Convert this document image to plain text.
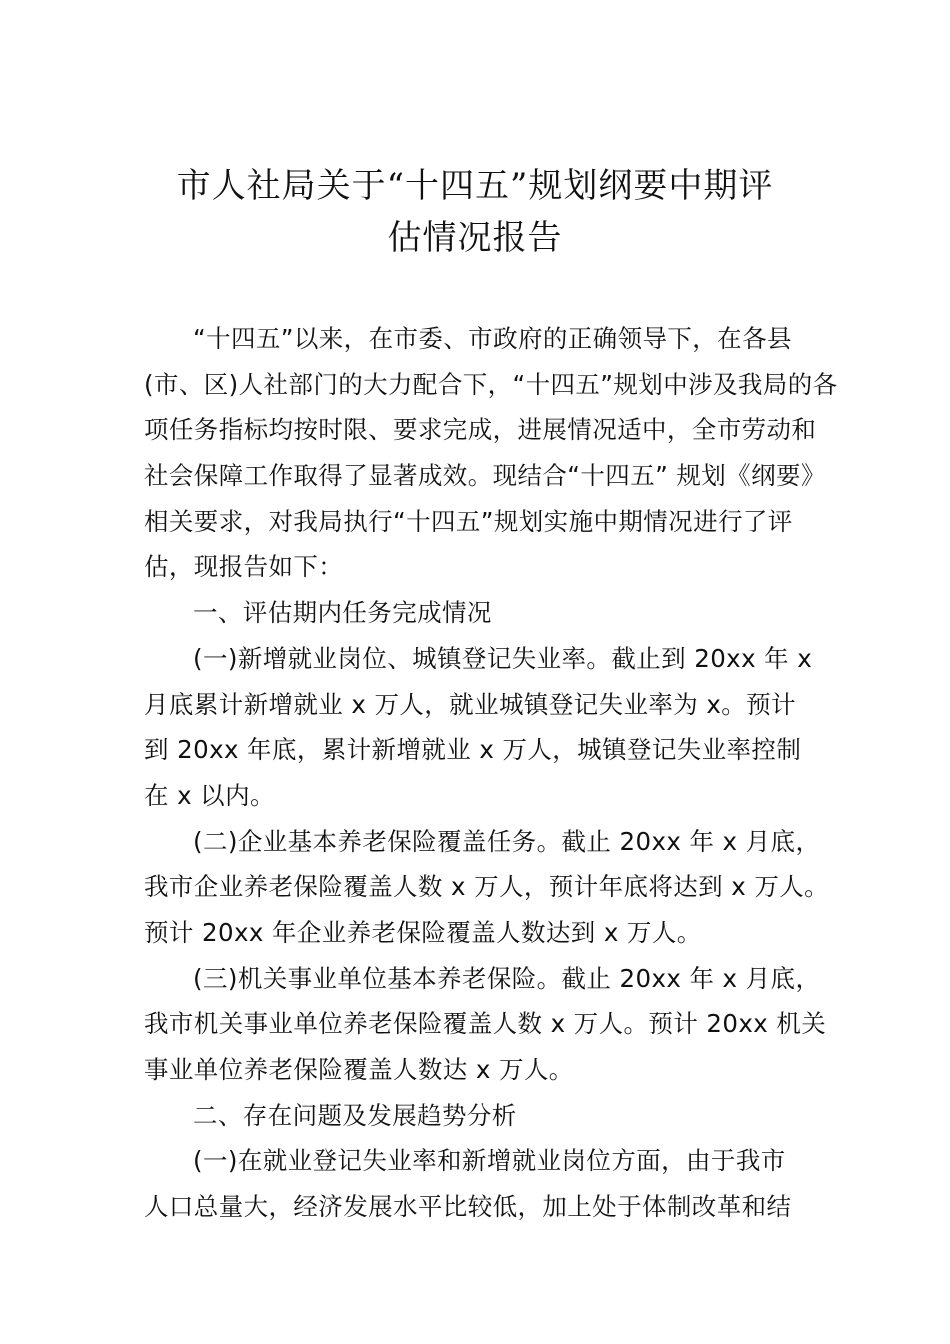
市人社局关于“十四五”规划纲要中期评
估情况报告
“十四五”以来，在市委、市政府的正确领导下，在各县
(市、区)人社部门的大力配合下，“十四五”规划中涉及我局的各
项任务指标均按时限、要求完成，进展情况适中，全市劳动和
社会保障工作取得了显著成效。现结合“十四五” 规划《纲要》
相关要求，对我局执行“十四五”规划实施中期情况进行了评
估，现报告如下：
一、评估期内任务完成情况
(一)新增就业岗位、城镇登记失业率。截止到 20xx 年 x
月底累计新增就业 x 万人，就业城镇登记失业率为 x。预计
到 20xx 年底，累计新增就业 x 万人，城镇登记失业率控制
在 x 以内。
(二)企业基本养老保险覆盖任务。截止 20xx 年 x 月底，
我市企业养老保险覆盖人数 x 万人，预计年底将达到 x 万人。
预计 20xx 年企业养老保险覆盖人数达到 x 万人。
(三)机关事业单位基本养老保险。截止 20xx 年 x 月底，
我市机关事业单位养老保险覆盖人数 x 万人。预计 20xx 机关
事业单位养老保险覆盖人数达 x 万人。
二、存在问题及发展趋势分析
(一)在就业登记失业率和新增就业岗位方面，由于我市
人口总量大，经济发展水平比较低，加上处于体制改革和结
